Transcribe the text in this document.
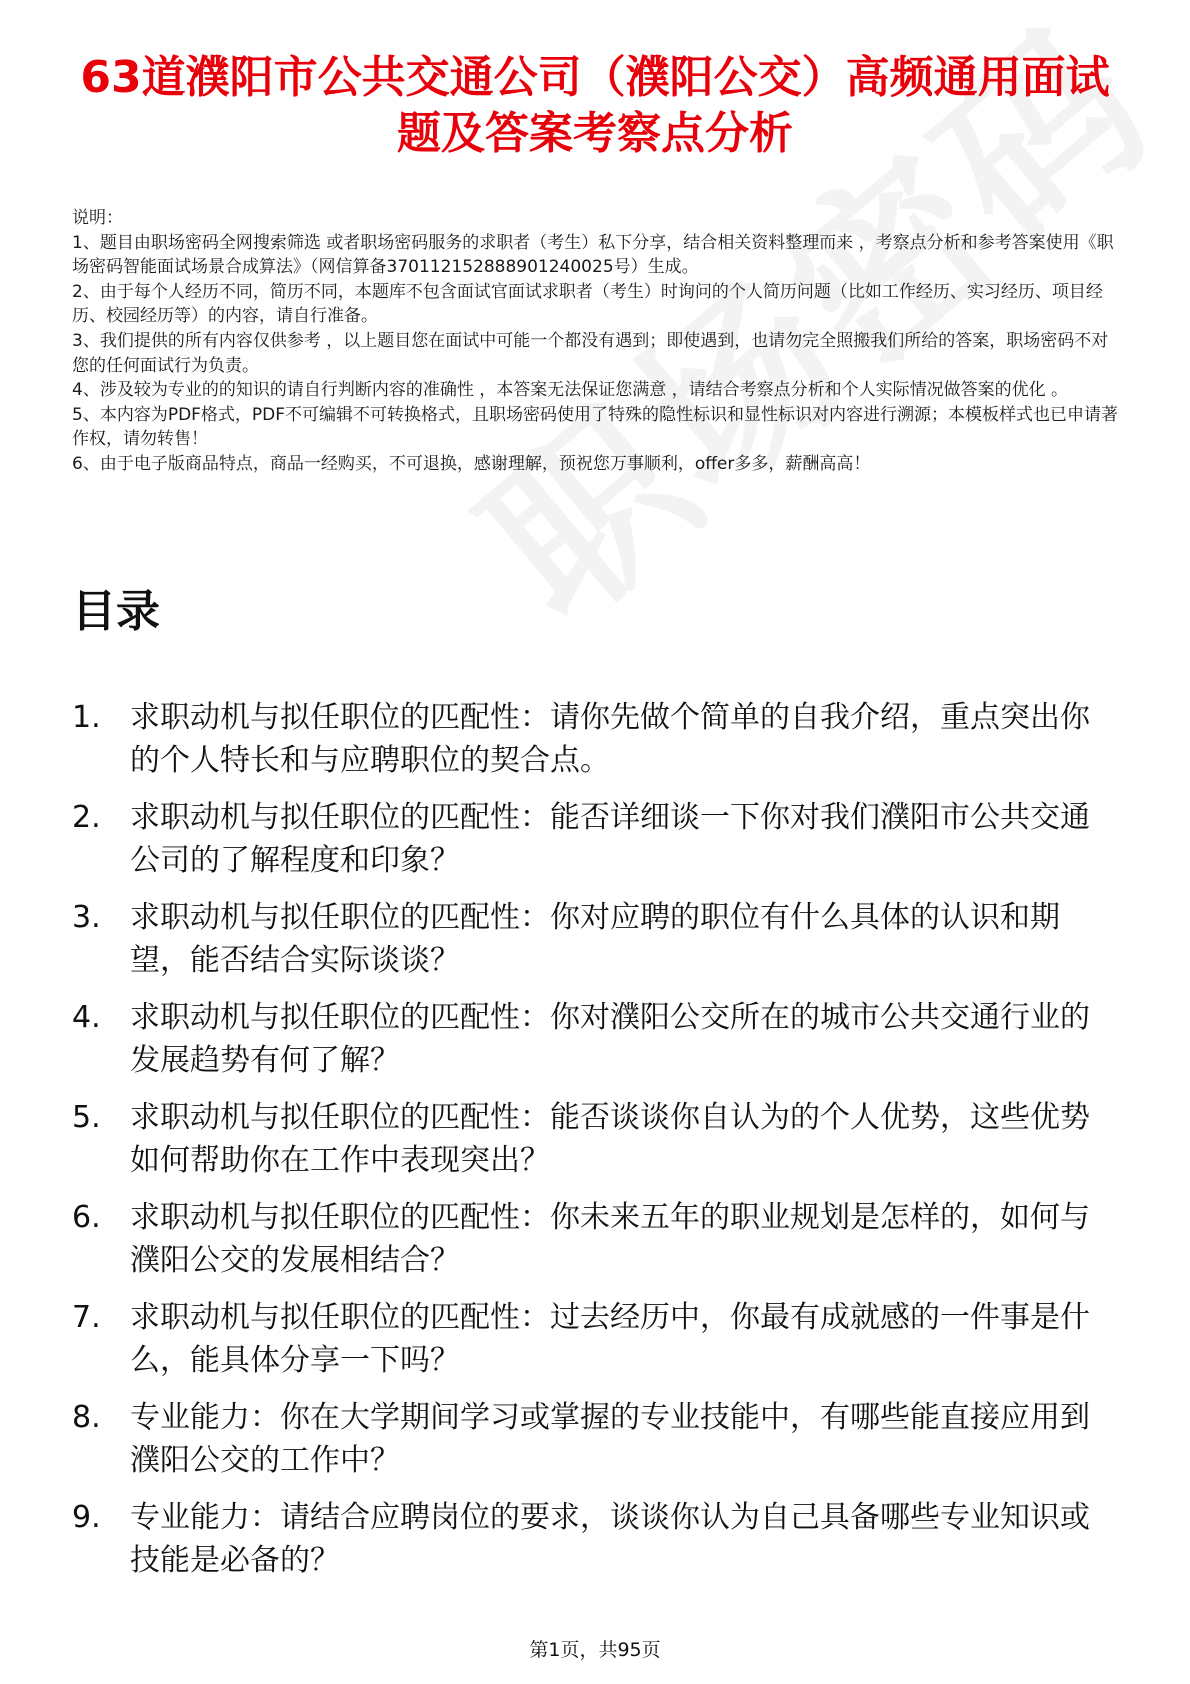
63道濮阳市公共交通公司（濮阳公交）高频通用面试题及答案考察点分析

说明：

1、题目由职场密码全网搜索筛选 或者职场密码服务的求职者（考生）私下分享，结合相关资料整理而来 ，考察点分析和参考答案使用《职场密码智能面试场景合成算法》（网信算备370112152888901240025号）生成。

2、由于每个人经历不同，简历不同，本题库不包含面试官面试求职者（考生）时询问的个人简历问题（比如工作经历、实习经历、项目经历、校园经历等）的内容，请自行准备。

3、我们提供的所有内容仅供参考 ，以上题目您在面试中可能一个都没有遇到；即使遇到，也请勿完全照搬我们所给的答案，职场密码不对您的任何面试行为负责。

4、涉及较为专业的的知识的请自行判断内容的准确性 ，本答案无法保证您满意 ，请结合考察点分析和个人实际情况做答案的优化 。

5、本内容为PDF格式，PDF不可编辑不可转换格式，且职场密码使用了特殊的隐性标识和显性标识对内容进行溯源；本模板样式也已申请著作权，请勿转售！

6、由于电子版商品特点，商品一经购买，不可退换，感谢理解，预祝您万事顺利，offer多多，薪酬高高！

目录
1. 求职动机与拟任职位的匹配性：请你先做个简单的自我介绍，重点突出你的个人特长和与应聘职位的契合点。
2. 求职动机与拟任职位的匹配性：能否详细谈一下你对我们濮阳市公共交通公司的了解程度和印象？
3. 求职动机与拟任职位的匹配性：你对应聘的职位有什么具体的认识和期望，能否结合实际谈谈？
4. 求职动机与拟任职位的匹配性：你对濮阳公交所在的城市公共交通行业的发展趋势有何了解？
5. 求职动机与拟任职位的匹配性：能否谈谈你自认为的个人优势，这些优势如何帮助你在工作中表现突出？
6. 求职动机与拟任职位的匹配性：你未来五年的职业规划是怎样的，如何与濮阳公交的发展相结合？
7. 求职动机与拟任职位的匹配性：过去经历中，你最有成就感的一件事是什么，能具体分享一下吗？
8. 专业能力：你在大学期间学习或掌握的专业技能中，有哪些能直接应用到濮阳公交的工作中？
9. 专业能力：请结合应聘岗位的要求，谈谈你认为自己具备哪些专业知识或技能是必备的？
第1页，共95页
